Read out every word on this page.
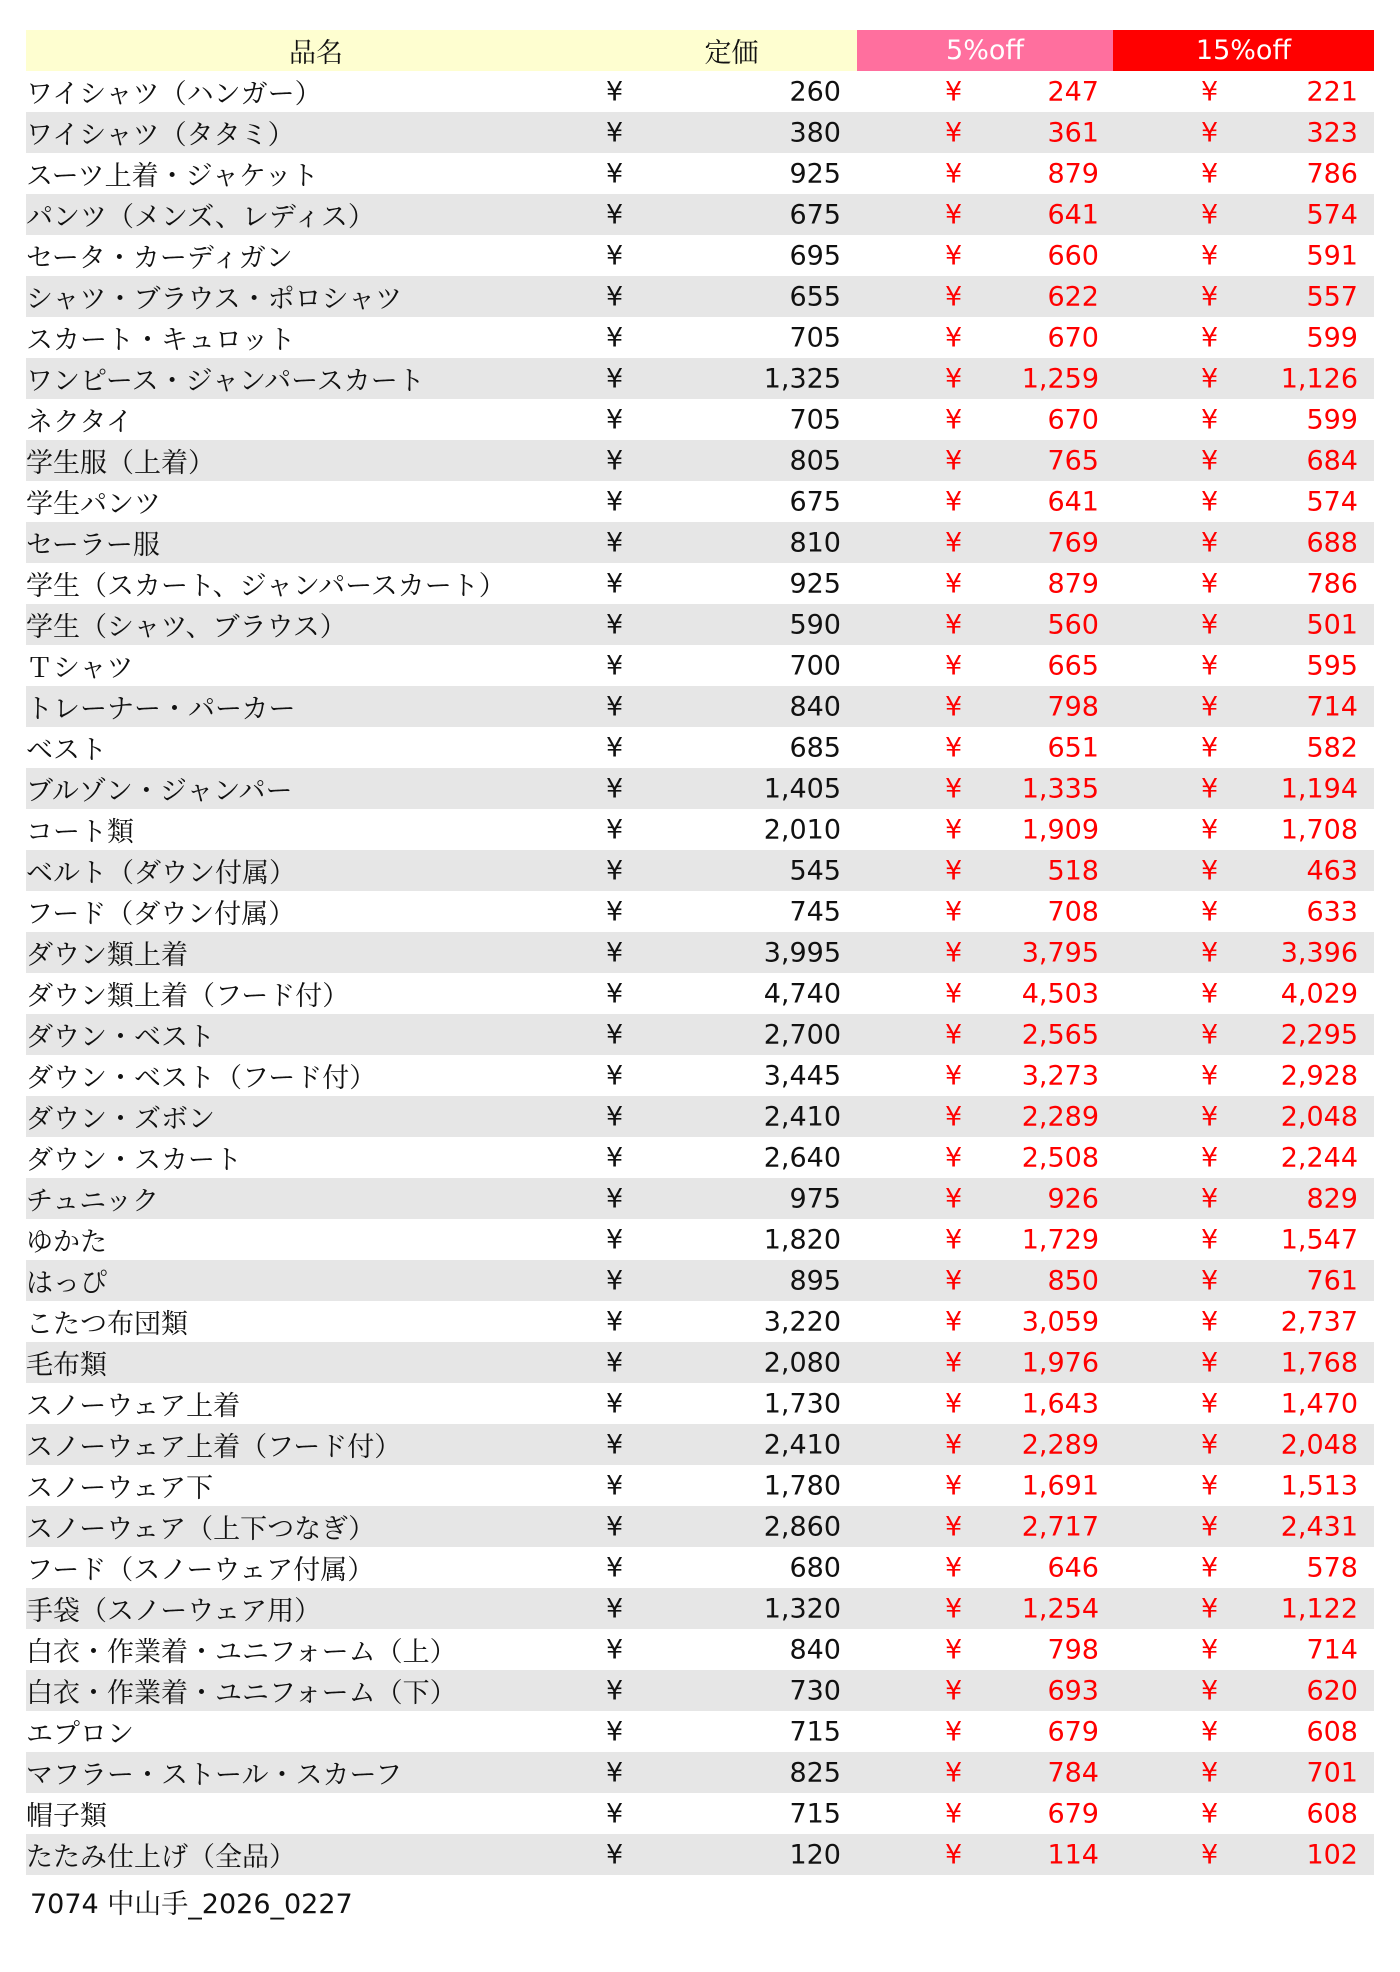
品名	定価	5%off	15%off
ワイシャツ（ハンガー）	¥ 260	¥ 247	¥ 221

ワイシャツ（タタミ）	¥ 380	¥ 361	¥ 323

スーツ上着・ジャケット	¥ 925	¥ 879	¥ 786

パンツ（メンズ、レディス）	¥ 675	¥ 641	¥ 574

セータ・カーディガン	¥ 695	¥ 660	¥ 591

シャツ・ブラウス・ポロシャツ	¥ 655	¥ 622	¥ 557

スカート・キュロット	¥ 705	¥ 670	¥ 599

ワンピース・ジャンパースカート	¥ 1,325	¥ 1,259	¥ 1,126

ネクタイ	¥ 705	¥ 670	¥ 599

学生服（上着）	¥ 805	¥ 765	¥ 684

学生パンツ	¥ 675	¥ 641	¥ 574

セーラー服	¥ 810	¥ 769	¥ 688

学生（スカート、ジャンパースカート）	¥ 925	¥ 879	¥ 786

学生（シャツ、ブラウス）	¥ 590	¥ 560	¥ 501

Ｔシャツ	¥ 700	¥ 665	¥ 595

トレーナー・パーカー	¥ 840	¥ 798	¥ 714

ベスト	¥ 685	¥ 651	¥ 582

ブルゾン・ジャンパー	¥ 1,405	¥ 1,335	¥ 1,194

コート類	¥ 2,010	¥ 1,909	¥ 1,708

ベルト（ダウン付属）	¥ 545	¥ 518	¥ 463

フード（ダウン付属）	¥ 745	¥ 708	¥ 633

ダウン類上着	¥ 3,995	¥ 3,795	¥ 3,396

ダウン類上着（フード付）	¥ 4,740	¥ 4,503	¥ 4,029

ダウン・ベスト	¥ 2,700	¥ 2,565	¥ 2,295

ダウン・ベスト（フード付）	¥ 3,445	¥ 3,273	¥ 2,928

ダウン・ズボン	¥ 2,410	¥ 2,289	¥ 2,048

ダウン・スカート	¥ 2,640	¥ 2,508	¥ 2,244

チュニック	¥ 975	¥ 926	¥ 829

ゆかた	¥ 1,820	¥ 1,729	¥ 1,547

はっぴ	¥ 895	¥ 850	¥ 761

こたつ布団類	¥ 3,220	¥ 3,059	¥ 2,737

毛布類	¥ 2,080	¥ 1,976	¥ 1,768

スノーウェア上着	¥ 1,730	¥ 1,643	¥ 1,470

スノーウェア上着（フード付）	¥ 2,410	¥ 2,289	¥ 2,048

スノーウェア下	¥ 1,780	¥ 1,691	¥ 1,513

スノーウェア（上下つなぎ）	¥ 2,860	¥ 2,717	¥ 2,431

フード（スノーウェア付属）	¥ 680	¥ 646	¥ 578

手袋（スノーウェア用）	¥ 1,320	¥ 1,254	¥ 1,122

白衣・作業着・ユニフォーム（上）	¥ 840	¥ 798	¥ 714

白衣・作業着・ユニフォーム（下）	¥ 730	¥ 693	¥ 620

エプロン	¥ 715	¥ 679	¥ 608

マフラー・ストール・スカーフ	¥ 825	¥ 784	¥ 701

帽子類	¥ 715	¥ 679	¥ 608

たたみ仕上げ（全品）	¥ 120	¥ 114	¥ 102
7074 中山手_2026_0227
